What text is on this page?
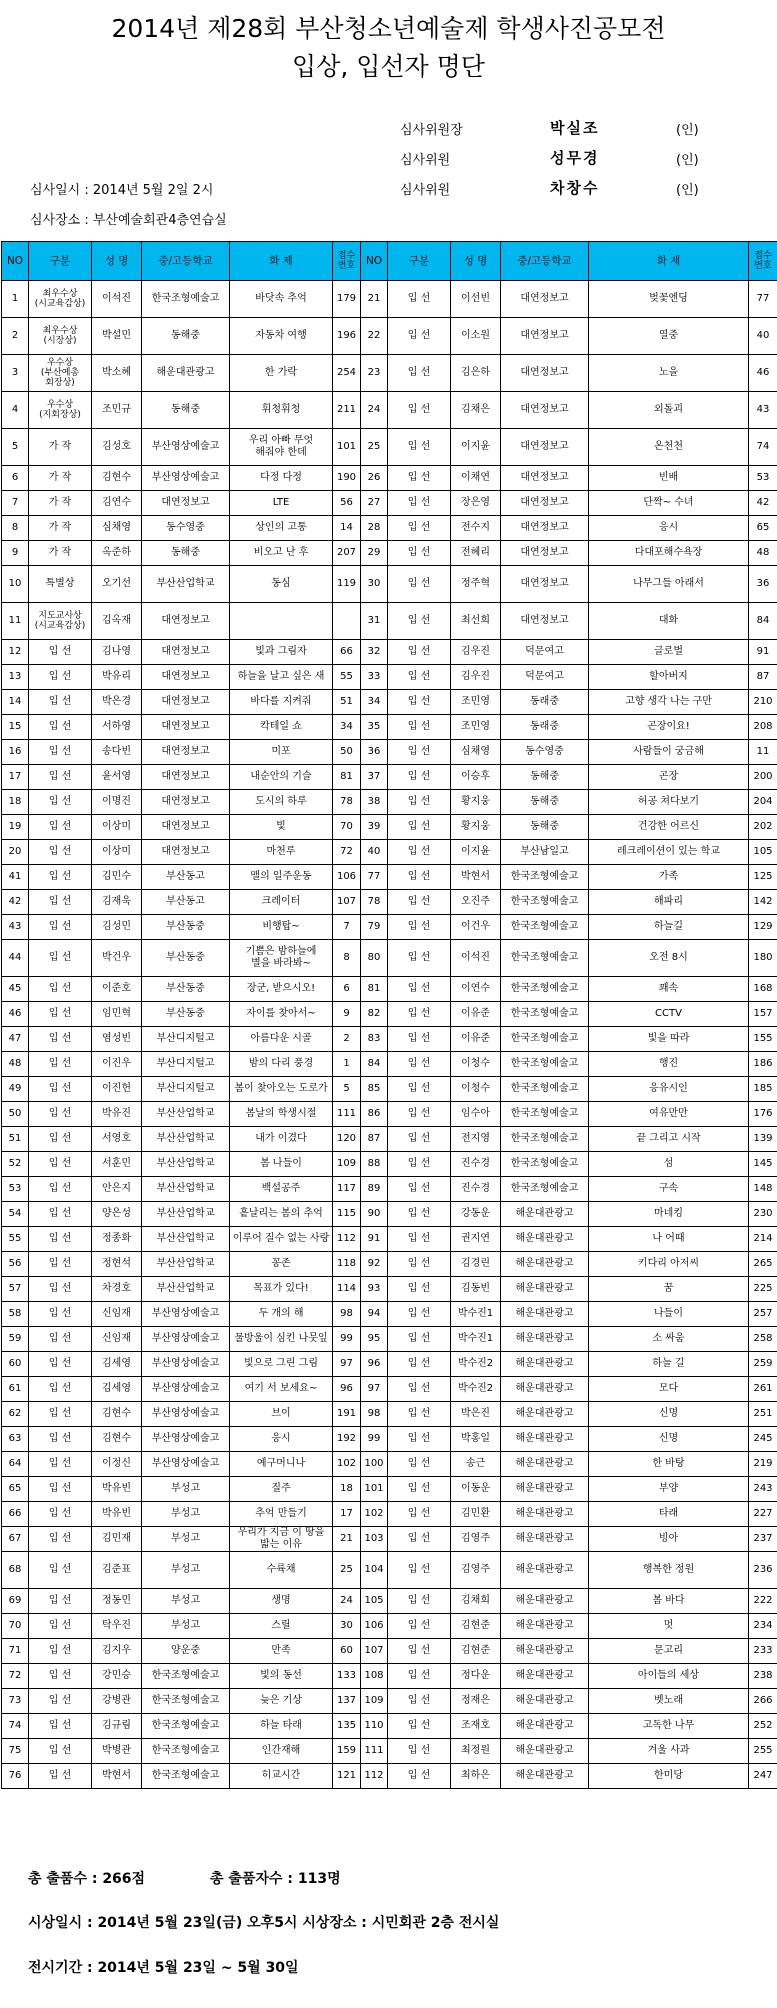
2014년 제28회 부산청소년예술제 학생사진공모전
입상, 입선자 명단
심사위원장	박실조	(인)
심사위원	성무경	(인)
심사위원	차창수	(인)
심사일시 : 2014년 5월 2일 2시
심사장소 : 부산예술회관4층연습실
NO	구분	성 명	중/고등학교	화 제	접수
번호	NO	구분	성 명	중/고등학교	화 제	접수
번호
1	최우수상
(시교육감상)	이석진	한국조형예술고	바닷속 추억	179	21	입 선	이선빈	대연정보고	벚꽃엔딩	77
2	최우수상
(시장상)	박설민	동해중	자동차 여행	196	22	입 선	이소원	대연정보고	열중	40
3	우수상
(부산예총
회장상)	박소혜	해운대관광고	한 가락	254	23	입 선	김은하	대연정보고	노을	46
4	우수상
(지회장상)	조민규	동해중	휘청휘청	211	24	입 선	김채은	대연정보고	외돌괴	43
5	가 작	김성호	부산영상예술고	우리 아빠 무엇
해줘야 한데	101	25	입 선	이지윤	대연정보고	온천천	74
6	가 작	김현수	부산영상예술고	다정 다정	190	26	입 선	이채연	대연정보고	빈배	53
7	가 작	김연수	대연정보고	LTE	56	27	입 선	장은영	대연정보고	단짝~ 수녀	42
8	가 작	심채영	동수영중	상인의 고통	14	28	입 선	전수지	대연정보고	응시	65
9	가 작	옥준하	동해중	비오고 난 후	207	29	입 선	전혜리	대연정보고	다대포해수욕장	48
10	특별상	오기선	부산산업학교	동심	119	30	입 선	정주혁	대연정보고	나무그들 아래서	36
11	지도교사상
(시교육감상)	김옥재	대연정보고			31	입 선	최선희	대연정보고	대화	84
12	입 선	김나영	대연정보고	빛과 그림자	66	32	입 선	김우진	덕문여고	글로벌	91
13	입 선	박유리	대연정보고	하늘을 날고 싶은 새	55	33	입 선	김우진	덕문여고	할아버지	87
14	입 선	박은경	대연정보고	바다를 지켜줘	51	34	입 선	조민영	동래중	고향 생각 나는 구만	210
15	입 선	서하영	대연정보고	칵테일 쇼	34	35	입 선	조민영	동래중	곤장이요!	208
16	입 선	송다빈	대연정보고	미포	50	36	입 선	심채영	동수영중	사람들이 궁금해	11
17	입 선	윤서영	대연정보고	내순안의 기슬	81	37	입 선	이승후	동해중	곤장	200
18	입 선	이명진	대연정보고	도시의 하루	78	38	입 선	황지웅	동해중	허공 쳐다보기	204
19	입 선	이상미	대연정보고	빛	70	39	입 선	황지웅	동해중	건강한 어르신	202
20	입 선	이상미	대연정보고	마천루	72	40	입 선	이지윤	부산남일고	레크레이션이 있는 학교	105
41	입 선	김민수	부산동고	맬의 일주운동	106	77	입 선	박현서	한국조형예술고	가족	125
42	입 선	김재욱	부산동고	크레이터	107	78	입 선	오진주	한국조형예술고	해파리	142
43	입 선	김성민	부산동중	비행탑~	7	79	입 선	이건우	한국조형예술고	하늘길	129
44	입 선	박건우	부산동중	기쁨은 밤하늘에
별을 바라봐~	8	80	입 선	이석진	한국조형예술고	오전 8시	180
45	입 선	이준호	부산동중	장군, 받으시오!	6	81	입 선	이연수	한국조형예술고	꽤속	168
46	입 선	임민혁	부산동중	자이를 찾아서~	9	82	입 선	이유준	한국조형예술고	CCTV	157
47	입 선	염성빈	부산디지털고	아름다운 시골	2	83	입 선	이유준	한국조형예술고	빛을 따라	155
48	입 선	이진우	부산디지털고	밤의 다리 풍경	1	84	입 선	이청수	한국조형예술고	행진	186
49	입 선	이진헌	부산디지털고	봄이 찾아오는 도로가	5	85	입 선	이청수	한국조형예술고	응유시인	185
50	입 선	박유진	부산산업학교	봄날의 학생시절	111	86	입 선	임수아	한국조형예술고	여유만만	176
51	입 선	서영호	부산산업학교	내가 이겼다	120	87	입 선	전지영	한국조형예술고	끝 그리고 시작	139
52	입 선	서훈민	부산산업학교	봄 나들이	109	88	입 선	진수경	한국조형예술고	섬	145
53	입 선	안은지	부산산업학교	백설공주	117	89	입 선	진수경	한국조형예술고	구속	148
54	입 선	양은성	부산산업학교	흩날리는 봄의 추억	115	90	입 선	강동운	해운대관광고	마네킹	230
55	입 선	정종화	부산산업학교	이루어 질수 없는 사랑	112	91	입 선	권지연	해운대관광고	나 어때	214
56	입 선	정현석	부산산업학교	꽁존	118	92	입 선	김경린	해운대관광고	키다리 아저씨	265
57	입 선	차경호	부산산업학교	목표가 있다!	114	93	입 선	김동빈	해운대관광고	꿈	225
58	입 선	신임재	부산영상예술고	두 개의 해	98	94	입 선	박수진1	해운대관광고	나들이	257
59	입 선	신임재	부산영상예술고	물방울이 심킨 나뭇잎	99	95	입 선	박수진1	해운대관광고	소 싸움	258
60	입 선	김세영	부산영상예술고	빛으로 그린 그림	97	96	입 선	박수진2	해운대관광고	하늘 길	259
61	입 선	김세영	부산영상예술고	여기 서 보세요~	96	97	입 선	박수진2	해운대관광고	모다	261
62	입 선	김현수	부산영상예술고	브이	191	98	입 선	박은진	해운대관광고	신명	251
63	입 선	김현수	부산영상예술고	응시	192	99	입 선	박홍일	해운대관광고	신명	245
64	입 선	이정신	부산영상예술고	예구머니나	102	100	입 선	송근	해운대관광고	한 바탕	219
65	입 선	박유빈	부성고	질주	18	101	입 선	이동운	해운대관광고	부양	243
66	입 선	박유빈	부성고	추억 만들기	17	102	입 선	김민환	해운대관광고	타래	227
67	입 선	김민재	부성고	우리가 지금 이 땅을
밟는 이유	21	103	입 선	김영주	해운대관광고	빙아	237
68	입 선	김준표	부성고	수륙채	25	104	입 선	김영주	해운대관광고	행복한 정원	236
69	입 선	정동민	부성고	생명	24	105	입 선	김채희	해운대관광고	봄 바다	222
70	입 선	탁우진	부성고	스릴	30	106	입 선	김현준	해운대관광고	멋	234
71	입 선	김지우	양운중	만족	60	107	입 선	김현준	해운대관광고	문고리	233
72	입 선	강민승	한국조형예술고	빛의 동선	133	108	입 선	정다운	해운대관광고	아이들의 세상	238
73	입 선	강병관	한국조형예술고	늦은 기상	137	109	입 선	정재은	해운대관광고	벳노래	266
74	입 선	김규림	한국조형예술고	하늘 타래	135	110	입 선	조재호	해운대관광고	고독한 나무	252
75	입 선	박병관	한국조형예술고	인간재해	159	111	입 선	최정원	해운대관광고	겨울 사과	255
76	입 선	박현서	한국조형예술고	히교시간	121	112	입 선	최하은	해운대관광고	한미당	247
총 출품수 : 266점	총 출품자수 : 113명
시상일시 : 2014년 5월 23일(금) 오후5시 시상장소 : 시민회관 2층 전시실
전시기간 : 2014년 5월 23일 ~ 5월 30일
